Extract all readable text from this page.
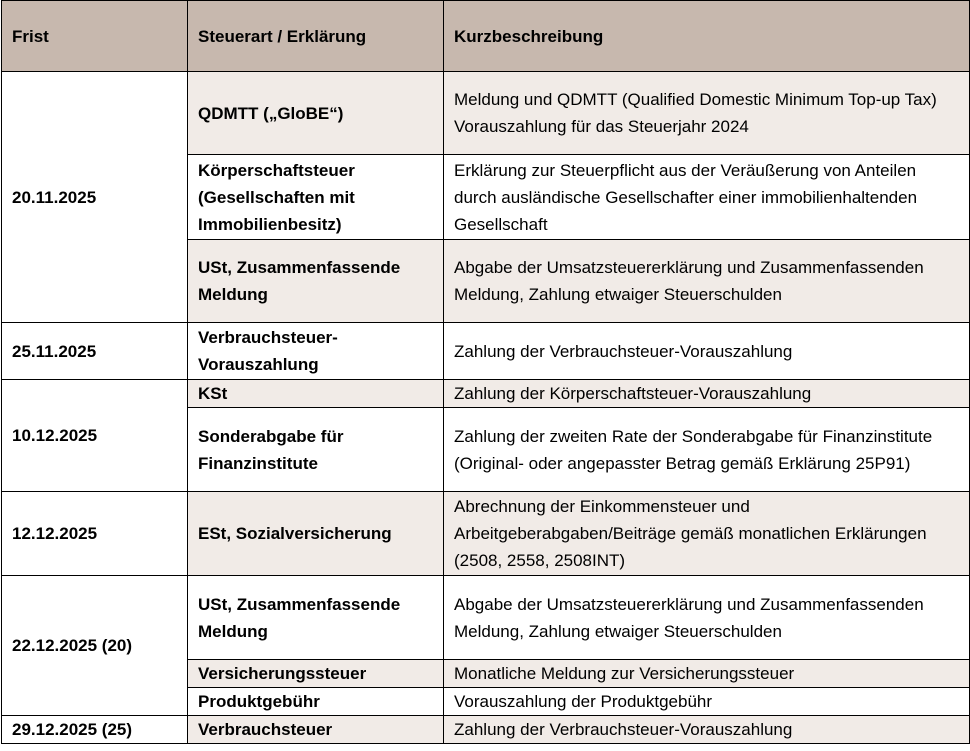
Frist	Steuerart / Erklärung	Kurzbeschreibung
20.11.2025	QDMTT („GloBE“)	Meldung und QDMTT (Qualified Domestic Minimum Top-up Tax) Vorauszahlung für das Steuerjahr 2024
	Körperschaftsteuer (Gesellschaften mit Immobilienbesitz)	Erklärung zur Steuerpflicht aus der Veräußerung von Anteilen durch ausländische Gesellschafter einer immobilienhaltenden Gesellschaft
	USt, Zusammenfassende Meldung	Abgabe der Umsatzsteuererklärung und Zusammenfassenden Meldung, Zahlung etwaiger Steuerschulden
25.11.2025	Verbrauchsteuer-Vorauszahlung	Zahlung der Verbrauchsteuer-Vorauszahlung
10.12.2025	KSt	Zahlung der Körperschaftsteuer-Vorauszahlung
	Sonderabgabe für Finanzinstitute	Zahlung der zweiten Rate der Sonderabgabe für Finanzinstitute (Original- oder angepasster Betrag gemäß Erklärung 25P91)
12.12.2025	ESt, Sozialversicherung	Abrechnung der Einkommensteuer und Arbeitgeberabgaben/Beiträge gemäß monatlichen Erklärungen (2508, 2558, 2508INT)
22.12.2025 (20)	USt, Zusammenfassende Meldung	Abgabe der Umsatzsteuererklärung und Zusammenfassenden Meldung, Zahlung etwaiger Steuerschulden
	Versicherungssteuer	Monatliche Meldung zur Versicherungssteuer
	Produktgebühr	Vorauszahlung der Produktgebühr
29.12.2025 (25)	Verbrauchsteuer	Zahlung der Verbrauchsteuer-Vorauszahlung
